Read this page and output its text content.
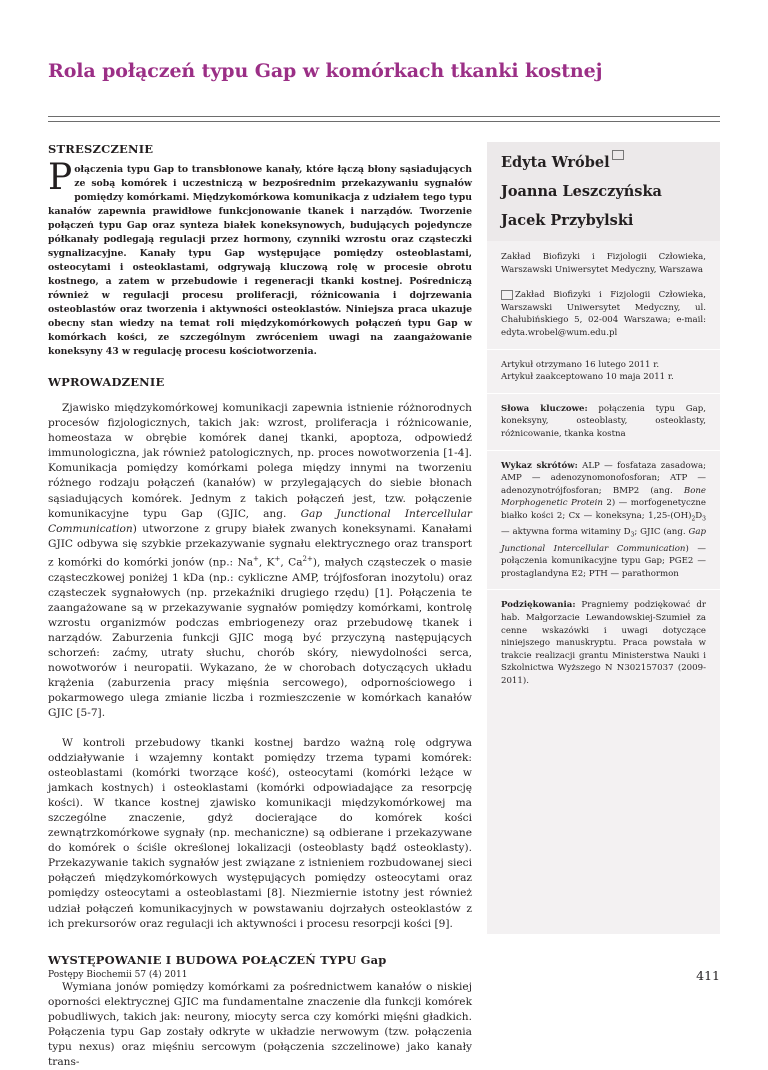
Rola połączeń typu Gap w komórkach tkanki kostnej

STRESZCZENIE

Połączenia typu Gap to transbłonowe kanały, które łączą błony sąsiadujących ze sobą komórek i uczestniczą w bezpośrednim przekazywaniu sygnałów pomiędzy komórkami. Międzykomórkowa komunikacja z udziałem tego typu kanałów zapewnia prawidłowe funkcjonowanie tkanek i narządów. Tworzenie połączeń typu Gap oraz synteza białek koneksynowych, budujących pojedyncze półkanały podlegają regulacji przez hormony, czynniki wzrostu oraz cząsteczki sygnalizacyjne. Kanały typu Gap występujące pomiędzy osteoblastami, osteocytami i osteoklastami, odgrywają kluczową rolę w procesie obrotu kostnego, a zatem w przebudowie i regeneracji tkanki kostnej. Pośredniczą również w regulacji procesu proliferacji, różnicowania i dojrzewania osteoblastów oraz tworzenia i aktywności osteoklastów. Niniejsza praca ukazuje obecny stan wiedzy na temat roli międzykomórkowych połączeń typu Gap w komórkach kości, ze szczególnym zwróceniem uwagi na zaangażowanie koneksyny 43 w regulację procesu kościotworzenia.

WPROWADZENIE

Zjawisko międzykomórkowej komunikacji zapewnia istnienie różnorodnych procesów fizjologicznych, takich jak: wzrost, proliferacja i różnicowanie, homeostaza w obrębie komórek danej tkanki, apoptoza, odpowiedź immunologiczna, jak również patologicznych, np. proces nowotworzenia [1-4]. Komunikacja pomiędzy komórkami polega między innymi na tworzeniu różnego rodzaju połączeń (kanałów) w przylegających do siebie błonach sąsiadujących komórek. Jednym z takich połączeń jest, tzw. połączenie komunikacyjne typu Gap (GJIC, ang. Gap Junctional Intercellular Communication) utworzone z grupy białek zwanych koneksynami. Kanałami GJIC odbywa się szybkie przekazywanie sygnału elektrycznego oraz transport z komórki do komórki jonów (np.: Na+, K+, $Ca^{2+}$), małych cząsteczek o masie cząsteczkowej poniżej 1 kDa (np.: cykliczne AMP, trójfosforan inozytolu) oraz cząsteczek sygnałowych (np. przekaźniki drugiego rzędu) [1]. Połączenia te zaangażowane są w przekazywanie sygnałów pomiędzy komórkami, kontrolę wzrostu organizmów podczas embriogenezy oraz przebudowę tkanek i narządów. Zaburzenia funkcji GJIC mogą być przyczyną następujących schorzeń: zaćmy, utraty słuchu, chorób skóry, niewydolności serca, nowotworów i neuropatii. Wykazano, że w chorobach dotyczących układu krążenia (zaburzenia pracy mięśnia sercowego), odpornościowego i pokarmowego ulega zmianie liczba i rozmieszczenie w komórkach kanałów GJIC [5-7].

W kontroli przebudowy tkanki kostnej bardzo ważną rolę odgrywa oddziaływanie i wzajemny kontakt pomiędzy trzema typami komórek: osteoblastami (komórki tworzące kość), osteocytami (komórki leżące w jamkach kostnych) i osteoklastami (komórki odpowiadające za resorpcję kości). W tkance kostnej zjawisko komunikacji międzykomórkowej ma szczególne znaczenie, gdyż docierające do komórek kości zewnątrzkomórkowe sygnały (np. mechaniczne) są odbierane i przekazywane do komórek o ściśle określonej lokalizacji (osteoblasty bądź osteoklasty). Przekazywanie takich sygnałów jest związane z istnieniem rozbudowanej sieci połączeń międzykomórkowych występujących pomiędzy osteocytami oraz pomiędzy osteocytami a osteoblastami [8]. Niezmiernie istotny jest również udział połączeń komunikacyjnych w powstawaniu dojrzałych osteoklastów z ich prekursorów oraz regulacji ich aktywności i procesu resorpcji kości [9].

WYSTĘPOWANIE I BUDOWA POŁĄCZEŃ TYPU Gap

Wymiana jonów pomiędzy komórkami za pośrednictwem kanałów o niskiej oporności elektrycznej GJIC ma fundamentalne znaczenie dla funkcji komórek pobudliwych, takich jak: neurony, miocyty serca czy komórki mięśni gładkich. Połączenia typu Gap zostały odkryte w układzie nerwowym (tzw. połączenia typu nexus) oraz mięśniu sercowym (połączenia szczelinowe) jako kanały trans-

Edyta Wróbel

Joanna Leszczyńska

Jacek Przybylski

Zakład Biofizyki i Fizjologii Człowieka, Warszawski Uniwersytet Medyczny, Warszawa

Zakład Biofizyki i Fizjologii Człowieka, Warszawski Uniwersytet Medyczny, ul. Chałubińskiego 5, 02-004 Warszawa; e-mail: edyta.wrobel@wum.edu.pl

Artykuł otrzymano 16 lutego 2011 r.

Artykuł zaakceptowano 10 maja 2011 r.

Słowa kluczowe: połączenia typu Gap, koneksyny, osteoblasty, osteoklasty, różnicowanie, tkanka kostna

Wykaz skrótów: ALP — fosfataza zasadowa; AMP — adenozynomonofosforan; ATP — adenozynotrójfosforan; BMP2 (ang. Bone Morphogenetic Protein 2) — morfogenetyczne białko kości 2; Cx — koneksyna; $1,25-(OH)_2D_3$ — aktywna forma witaminy $D_3$; GJIC (ang. Gap Junctional Intercellular Communication) — połączenia komunikacyjne typu Gap; PGE2 — prostaglandyna E2; PTH — parathormon

Podziękowania: Pragniemy podziękować dr hab. Małgorzacie Lewandowskiej-Szumieł za cenne wskazówki i uwagi dotyczące niniejszego manuskryptu. Praca powstała w trakcie realizacji grantu Ministerstwa Nauki i Szkolnictwa Wyższego N N302157037 (2009-2011).

Postępy Biochemii 57 (4) 2011	411
